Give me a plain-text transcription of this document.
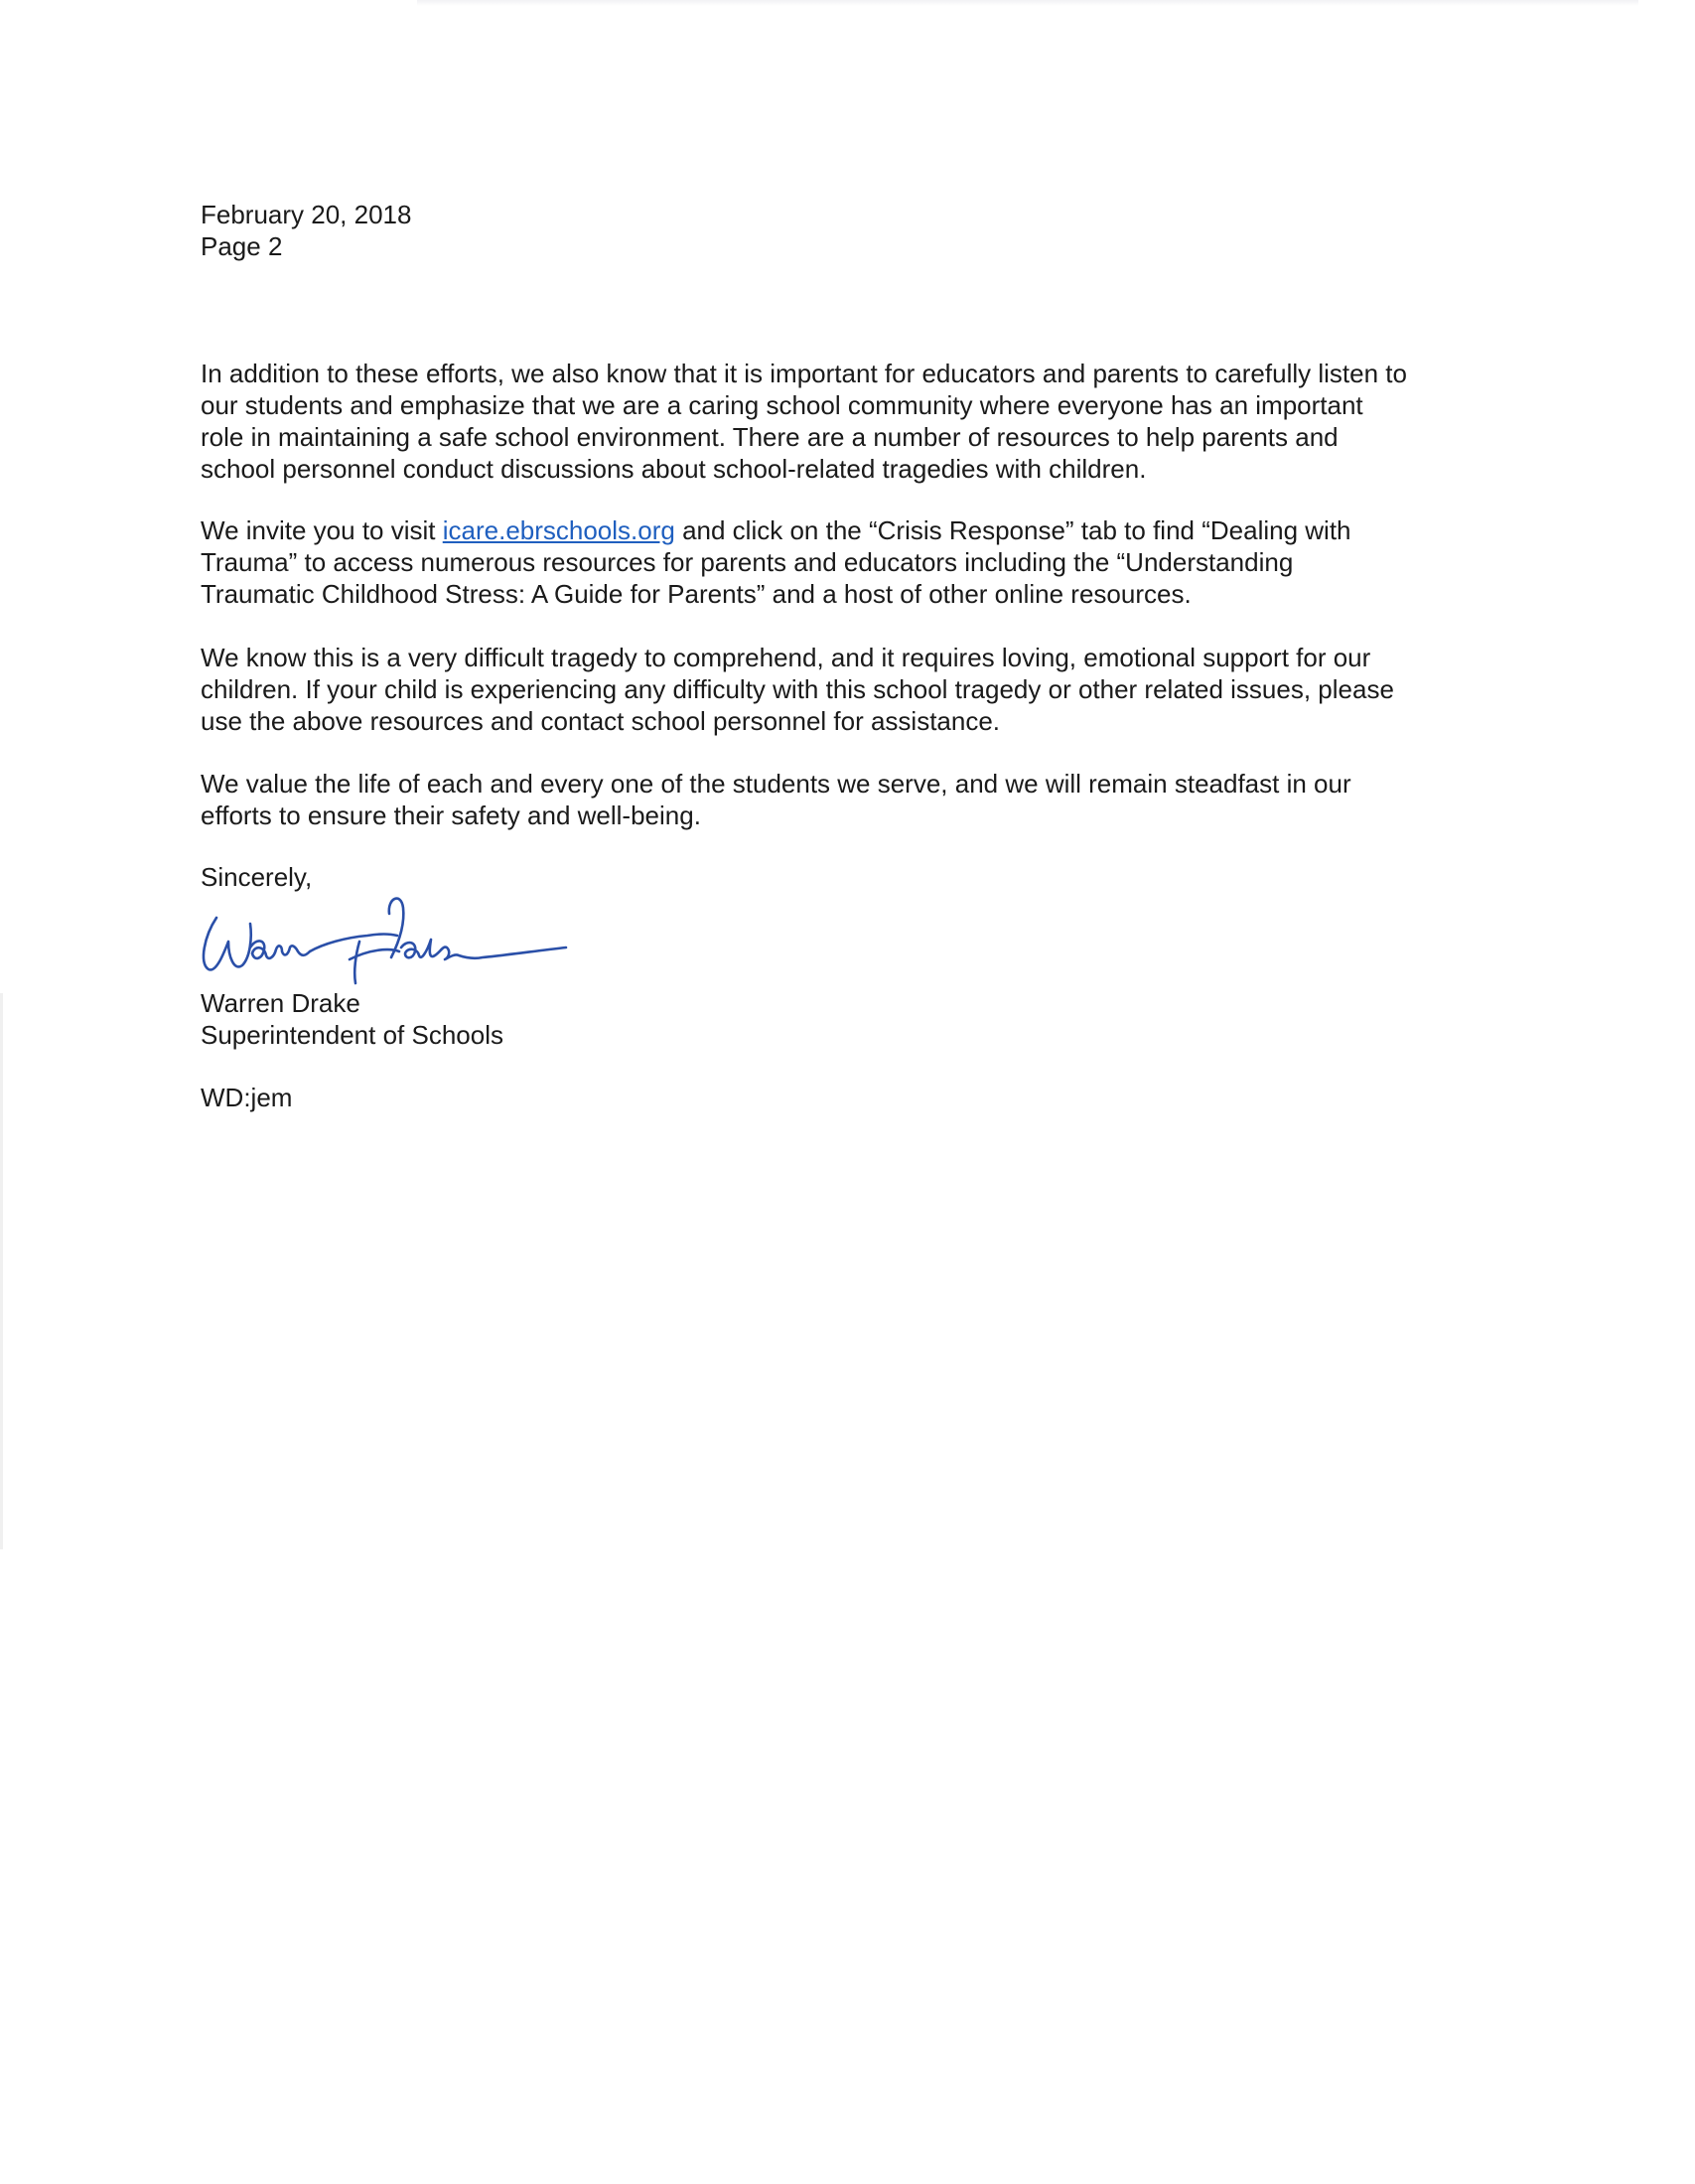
February 20, 2018
Page 2

In addition to these efforts, we also know that it is important for educators and parents to carefully listen to
our students and emphasize that we are a caring school community where everyone has an important
role in maintaining a safe school environment. There are a number of resources to help parents and
school personnel conduct discussions about school-related tragedies with children.

We invite you to visit icare.ebrschools.org and click on the “Crisis Response” tab to find “Dealing with
Trauma” to access numerous resources for parents and educators including the “Understanding
Traumatic Childhood Stress: A Guide for Parents” and a host of other online resources.

We know this is a very difficult tragedy to comprehend, and it requires loving, emotional support for our
children. If your child is experiencing any difficulty with this school tragedy or other related issues, please
use the above resources and contact school personnel for assistance.

We value the life of each and every one of the students we serve, and we will remain steadfast in our
efforts to ensure their safety and well-being.

Sincerely,
Warren Drake
Superintendent of Schools
WD:jem
